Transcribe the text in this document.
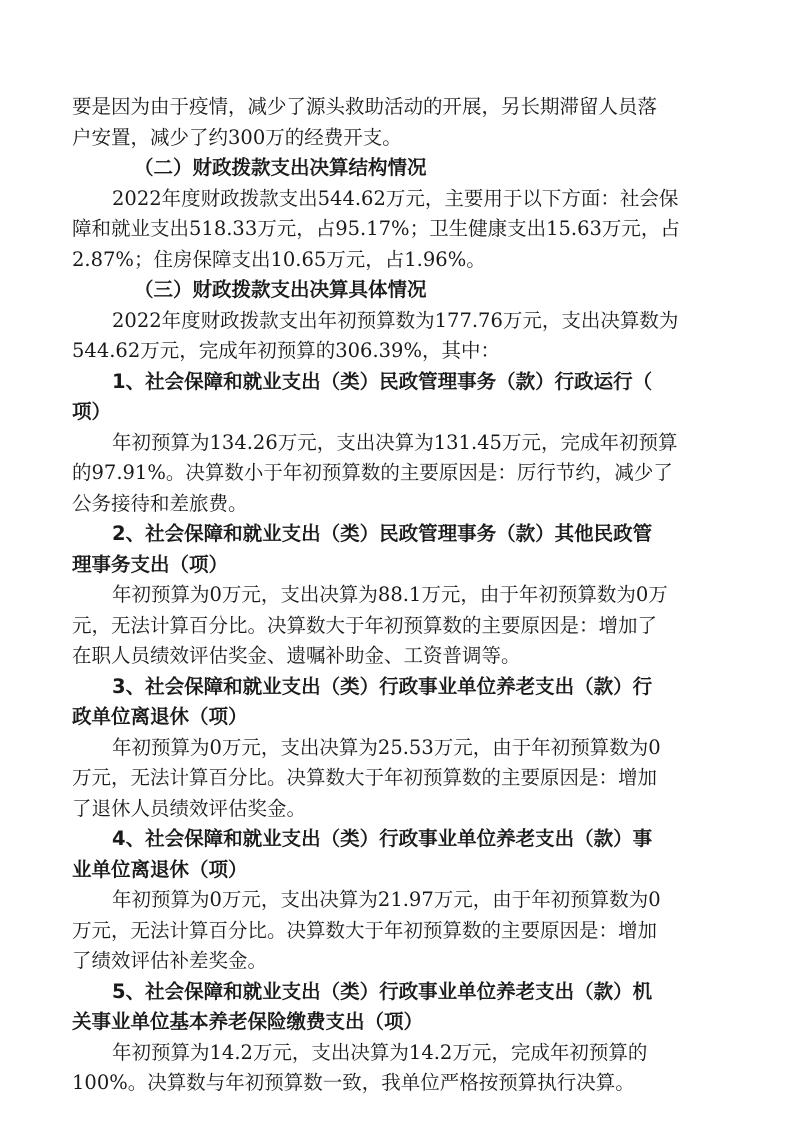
要是因为由于疫情，减少了源头救助活动的开展，另长期滞留人员落
户安置，减少了约300万的经费开支。
（二）财政拨款支出决算结构情况
2022年度财政拨款支出544.62万元，主要用于以下方面：社会保
障和就业支出518.33万元，占95.17%；卫生健康支出15.63万元，占
2.87%；住房保障支出10.65万元，占1.96%。
（三）财政拨款支出决算具体情况
2022年度财政拨款支出年初预算数为177.76万元，支出决算数为
544.62万元，完成年初预算的306.39%，其中：
1、社会保障和就业支出（类）民政管理事务（款）行政运行（
项）
年初预算为134.26万元，支出决算为131.45万元，完成年初预算
的97.91%。决算数小于年初预算数的主要原因是：厉行节约，减少了
公务接待和差旅费。
2、社会保障和就业支出（类）民政管理事务（款）其他民政管
理事务支出（项）
年初预算为0万元，支出决算为88.1万元，由于年初预算数为0万
元，无法计算百分比。决算数大于年初预算数的主要原因是：增加了
在职人员绩效评估奖金、遗嘱补助金、工资普调等。
3、社会保障和就业支出（类）行政事业单位养老支出（款）行
政单位离退休（项）
年初预算为0万元，支出决算为25.53万元，由于年初预算数为0
万元，无法计算百分比。决算数大于年初预算数的主要原因是：增加
了退休人员绩效评估奖金。
4、社会保障和就业支出（类）行政事业单位养老支出（款）事
业单位离退休（项）
年初预算为0万元，支出决算为21.97万元，由于年初预算数为0
万元，无法计算百分比。决算数大于年初预算数的主要原因是：增加
了绩效评估补差奖金。
5、社会保障和就业支出（类）行政事业单位养老支出（款）机
关事业单位基本养老保险缴费支出（项）
年初预算为14.2万元，支出决算为14.2万元，完成年初预算的
100%。决算数与年初预算数一致，我单位严格按预算执行决算。
